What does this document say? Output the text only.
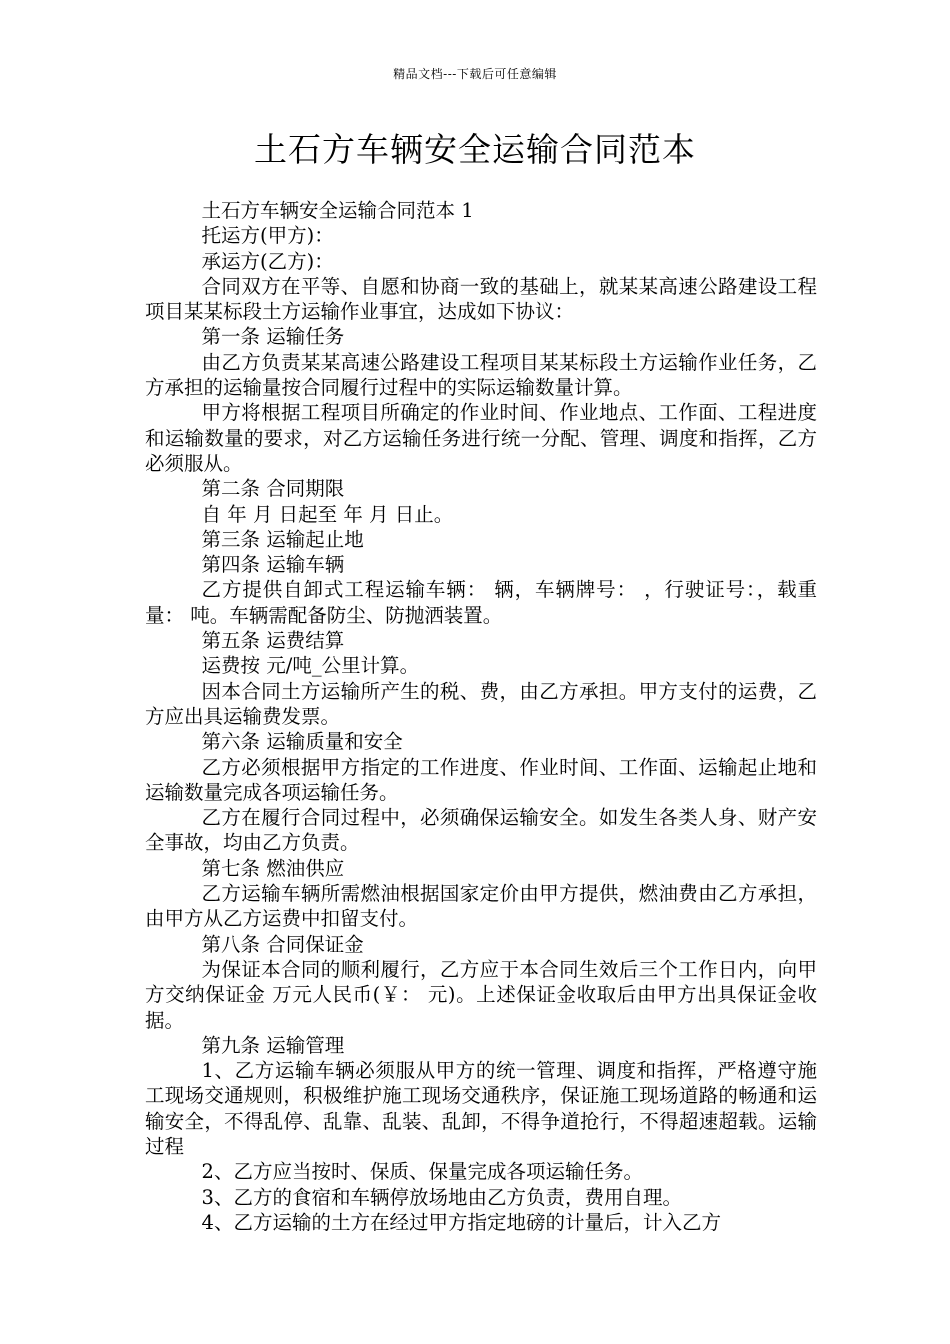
精品文档---下载后可任意编辑
土石方车辆安全运输合同范本

土石方车辆安全运输合同范本 1

托运方(甲方)：

承运方(乙方)：

合同双方在平等、自愿和协商一致的基础上，就某某高速公路建设工程项目某某标段土方运输作业事宜，达成如下协议：

第一条 运输任务

由乙方负责某某高速公路建设工程项目某某标段土方运输作业任务，乙方承担的运输量按合同履行过程中的实际运输数量计算。

甲方将根据工程项目所确定的作业时间、作业地点、工作面、工程进度和运输数量的要求，对乙方运输任务进行统一分配、管理、调度和指挥，乙方必须服从。

第二条 合同期限

自 年 月 日起至 年 月 日止。

第三条 运输起止地

第四条 运输车辆

乙方提供自卸式工程运输车辆： 辆，车辆牌号： ，行驶证号：，载重量： 吨。车辆需配备防尘、防抛洒装置。

第五条 运费结算

运费按 元/吨_公里计算。

因本合同土方运输所产生的税、费，由乙方承担。甲方支付的运费，乙方应出具运输费发票。

第六条 运输质量和安全

乙方必须根据甲方指定的工作进度、作业时间、工作面、运输起止地和运输数量完成各项运输任务。

乙方在履行合同过程中，必须确保运输安全。如发生各类人身、财产安全事故，均由乙方负责。

第七条 燃油供应

乙方运输车辆所需燃油根据国家定价由甲方提供，燃油费由乙方承担，由甲方从乙方运费中扣留支付。

第八条 合同保证金

为保证本合同的顺利履行，乙方应于本合同生效后三个工作日内，向甲方交纳保证金 万元人民币(￥： 元)。上述保证金收取后由甲方出具保证金收据。

第九条 运输管理

1、乙方运输车辆必须服从甲方的统一管理、调度和指挥，严格遵守施工现场交通规则，积极维护施工现场交通秩序，保证施工现场道路的畅通和运输安全，不得乱停、乱靠、乱装、乱卸，不得争道抢行，不得超速超载。运输过程

2、乙方应当按时、保质、保量完成各项运输任务。

3、乙方的食宿和车辆停放场地由乙方负责，费用自理。

4、乙方运输的土方在经过甲方指定地磅的计量后，计入乙方
